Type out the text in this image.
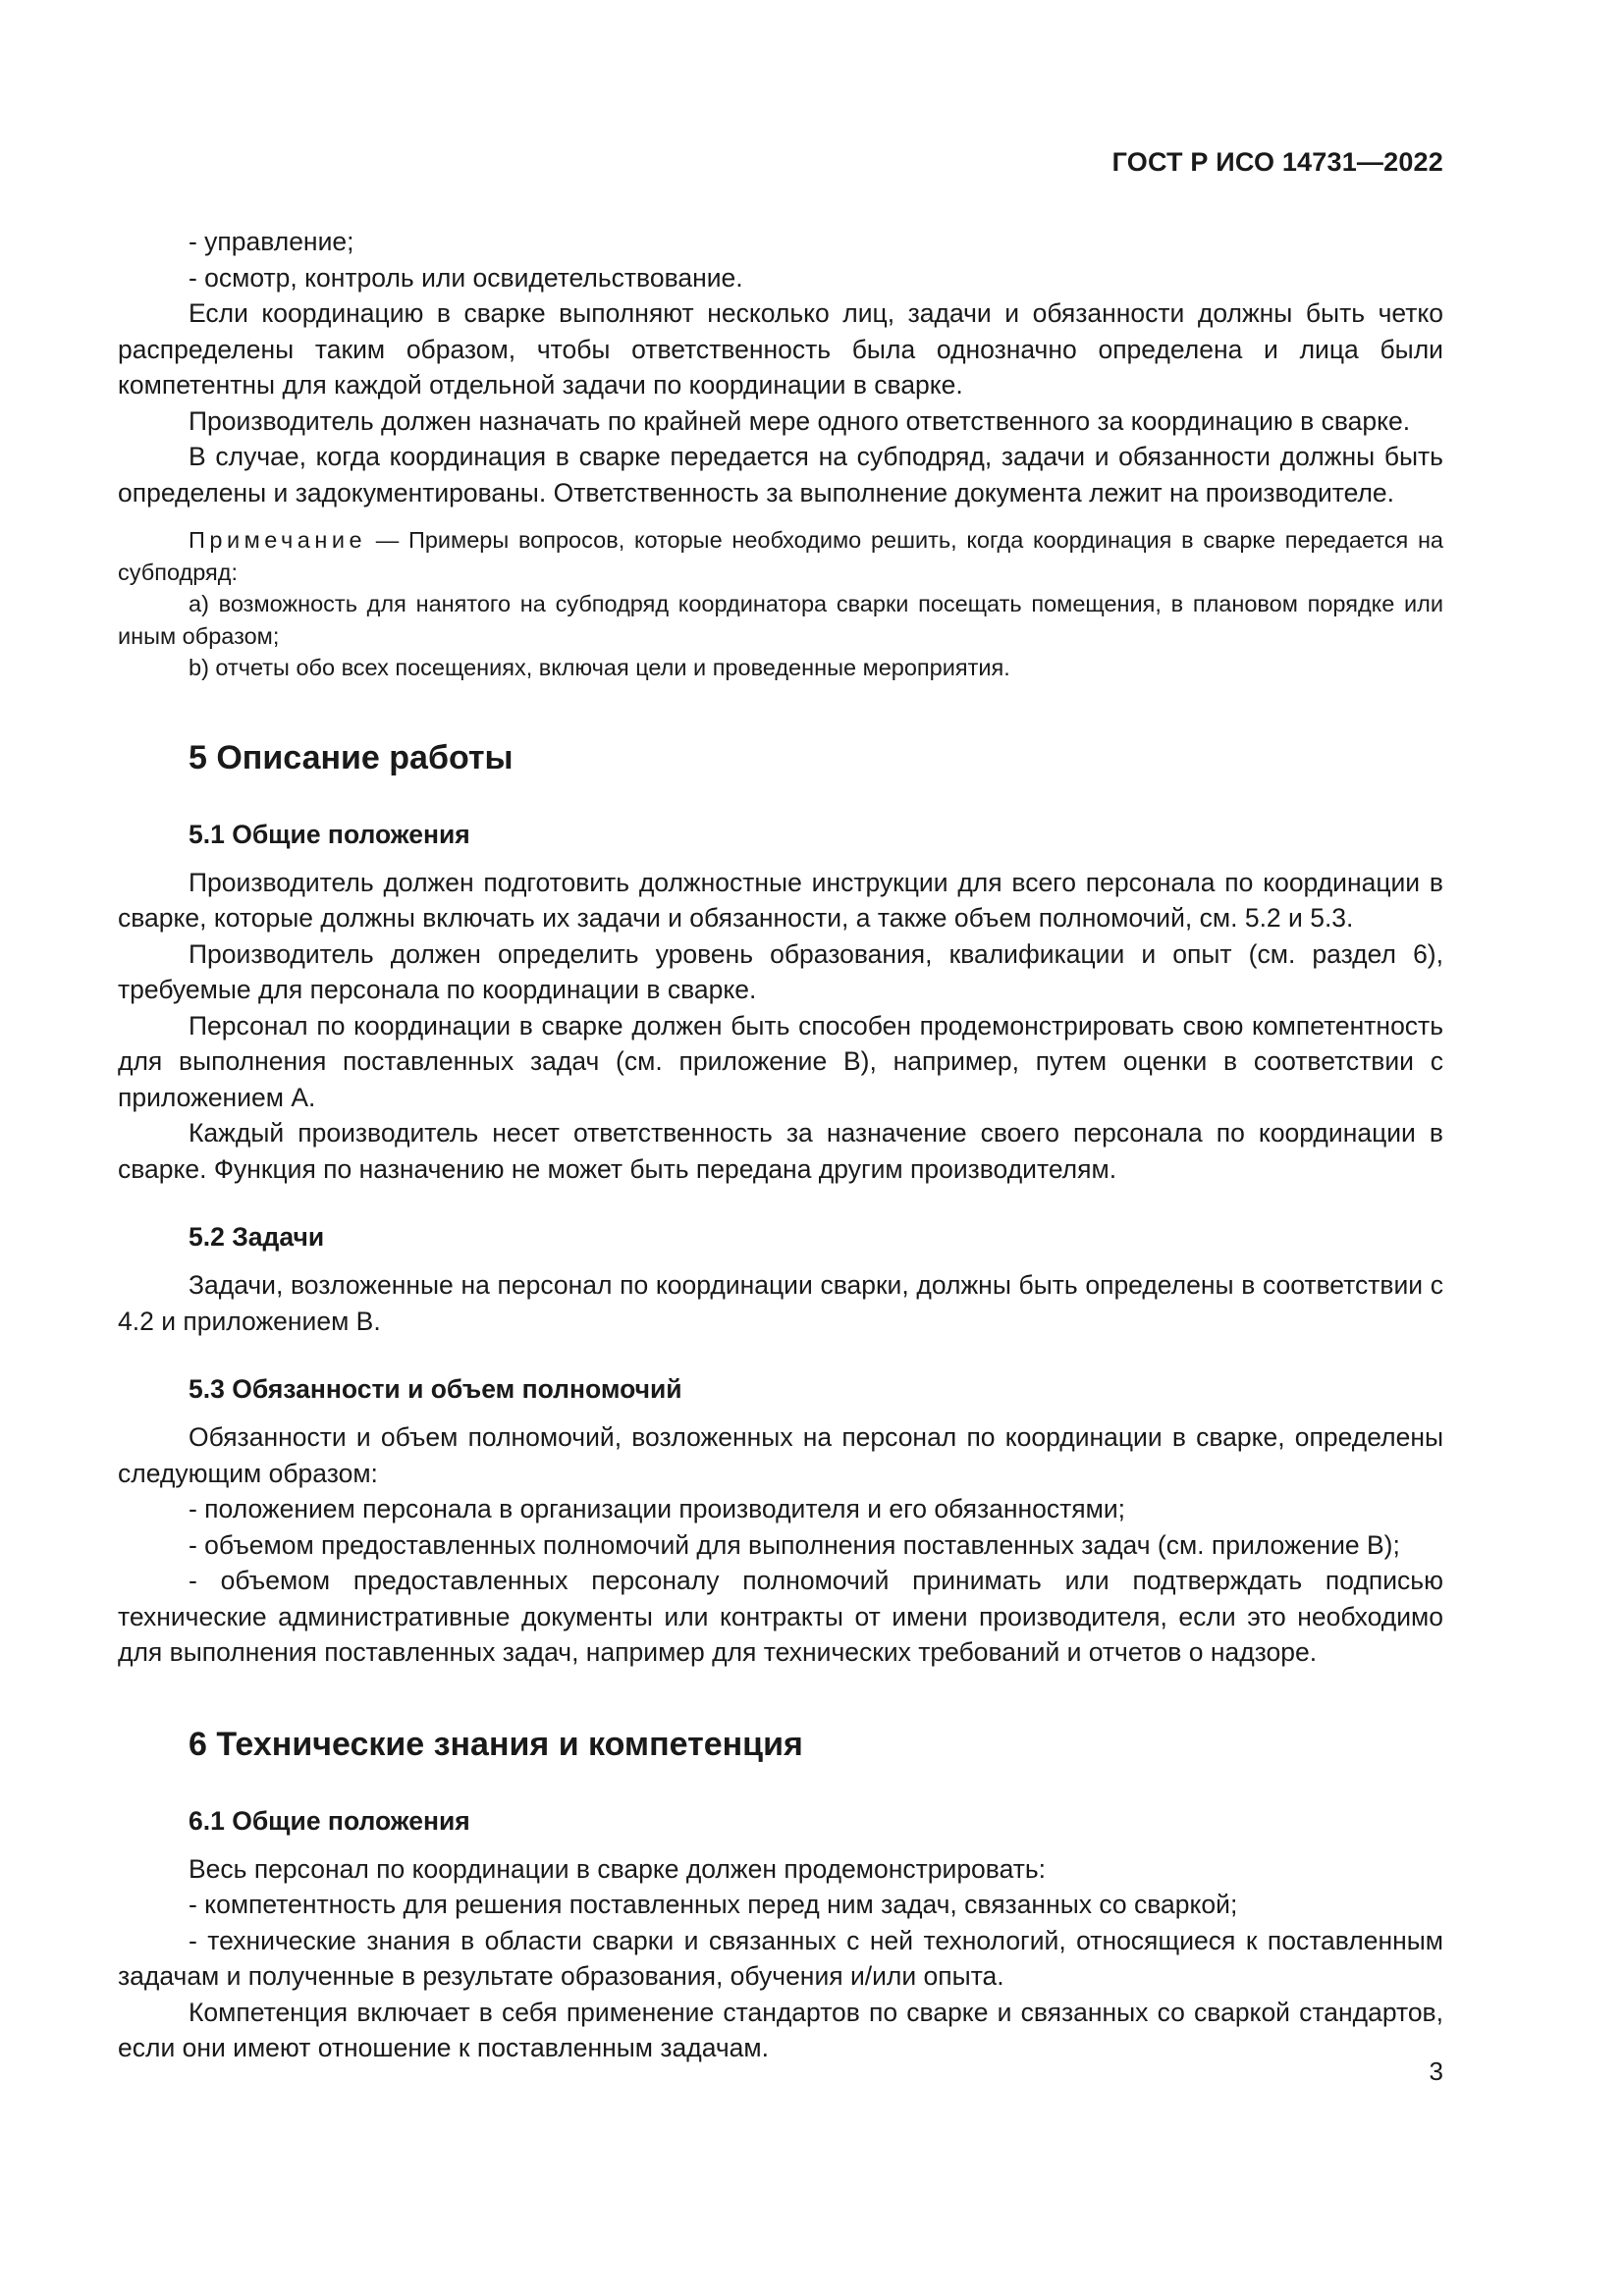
ГОСТ Р ИСО 14731—2022

- управление;

- осмотр, контроль или освидетельствование.

Если координацию в сварке выполняют несколько лиц, задачи и обязанности должны быть четко распределены таким образом, чтобы ответственность была однозначно определена и лица были компетентны для каждой отдельной задачи по координации в сварке.

Производитель должен назначать по крайней мере одного ответственного за координацию в сварке.

В случае, когда координация в сварке передается на субподряд, задачи и обязанности должны быть определены и задокументированы. Ответственность за выполнение документа лежит на производителе.

Примечание — Примеры вопросов, которые необходимо решить, когда координация в сварке передается на субподряд:

а) возможность для нанятого на субподряд координатора сварки посещать помещения, в плановом порядке или иным образом;

b) отчеты обо всех посещениях, включая цели и проведенные мероприятия.

5 Описание работы
5.1 Общие положения

Производитель должен подготовить должностные инструкции для всего персонала по координации в сварке, которые должны включать их задачи и обязанности, а также объем полномочий, см. 5.2 и 5.3.

Производитель должен определить уровень образования, квалификации и опыт (см. раздел 6), требуемые для персонала по координации в сварке.

Персонал по координации в сварке должен быть способен продемонстрировать свою компетентность для выполнения поставленных задач (см. приложение В), например, путем оценки в соответствии с приложением А.

Каждый производитель несет ответственность за назначение своего персонала по координации в сварке. Функция по назначению не может быть передана другим производителям.

5.2 Задачи

Задачи, возложенные на персонал по координации сварки, должны быть определены в соответствии с 4.2 и приложением В.

5.3 Обязанности и объем полномочий

Обязанности и объем полномочий, возложенных на персонал по координации в сварке, определены следующим образом:

- положением персонала в организации производителя и его обязанностями;

- объемом предоставленных полномочий для выполнения поставленных задач (см. приложение В);

- объемом предоставленных персоналу полномочий принимать или подтверждать подписью технические административные документы или контракты от имени производителя, если это необходимо для выполнения поставленных задач, например для технических требований и отчетов о надзоре.

6 Технические знания и компетенция
6.1 Общие положения

Весь персонал по координации в сварке должен продемонстрировать:

- компетентность для решения поставленных перед ним задач, связанных со сваркой;

- технические знания в области сварки и связанных с ней технологий, относящиеся к поставленным задачам и полученные в результате образования, обучения и/или опыта.

Компетенция включает в себя применение стандартов по сварке и связанных со сваркой стандартов, если они имеют отношение к поставленным задачам.

3
